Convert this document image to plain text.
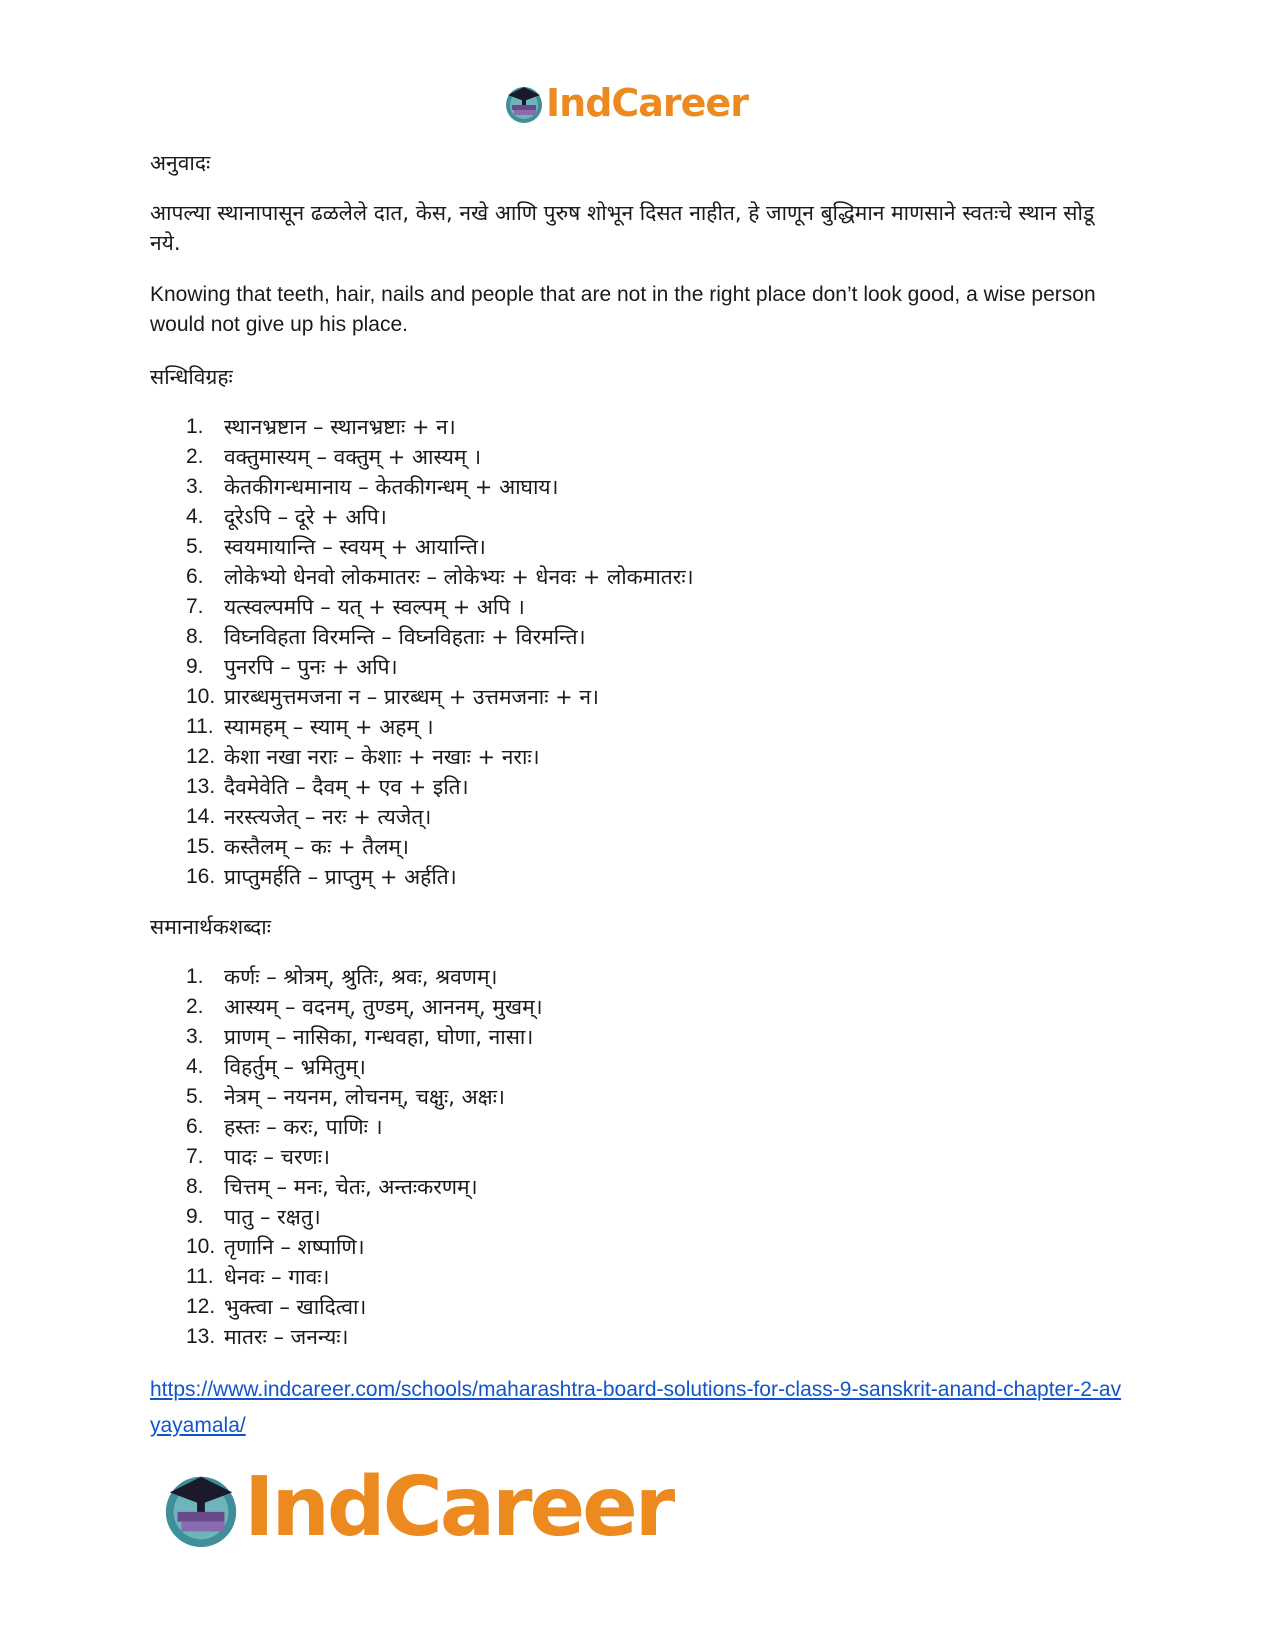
IndCareer

अनुवादः

आपल्या स्थानापासून ढळलेले दात, केस, नखे आणि पुरुष शोभून दिसत नाहीत, हे जाणून बुद्धिमान माणसाने स्वतःचे स्थान सोडू नये.

Knowing that teeth, hair, nails and people that are not in the right place don’t look good, a wise person would not give up his place.

सन्धिविग्रहः

1. स्थानभ्रष्टान – स्थानभ्रष्टाः + न।
2. वक्तुमास्यम् – वक्तुम् + आस्यम् ।
3. केतकीगन्धमानाय – केतकीगन्धम् + आघाय।
4. दूरेऽपि – दूरे + अपि।
5. स्वयमायान्ति – स्वयम् + आयान्ति।
6. लोकेभ्यो धेनवो लोकमातरः – लोकेभ्यः + धेनवः + लोकमातरः।
7. यत्स्वल्पमपि – यत् + स्वल्पम् + अपि ।
8. विघ्नविहता विरमन्ति – विघ्नविहताः + विरमन्ति।
9. पुनरपि – पुनः + अपि।
10. प्रारब्धमुत्तमजना न – प्रारब्धम् + उत्तमजनाः + न।
11. स्यामहम् – स्याम् + अहम् ।
12. केशा नखा नराः – केशाः + नखाः + नराः।
13. दैवमेवेति – दैवम् + एव + इति।
14. नरस्त्यजेत् – नरः + त्यजेत्।
15. कस्तैलम् – कः + तैलम्।
16. प्राप्तुमर्हति – प्राप्तुम् + अर्हति।

समानार्थकशब्दाः

1. कर्णः – श्रोत्रम्, श्रुतिः, श्रवः, श्रवणम्।
2. आस्यम् – वदनम्, तुण्डम्, आननम्, मुखम्।
3. प्राणम् – नासिका, गन्धवहा, घोणा, नासा।
4. विहर्तुम् – भ्रमितुम्।
5. नेत्रम् – नयनम, लोचनम्, चक्षुः, अक्षः।
6. हस्तः – करः, पाणिः ।
7. पादः – चरणः।
8. चित्तम् – मनः, चेतः, अन्तःकरणम्।
9. पातु – रक्षतु।
10. तृणानि – शष्पाणि।
11. धेनवः – गावः।
12. भुक्त्वा – खादित्वा।
13. मातरः – जनन्यः।
https://www.indcareer.com/schools/maharashtra-board-solutions-for-class-9-sanskrit-anand-chapter-2-avyayamala/
IndCareer
